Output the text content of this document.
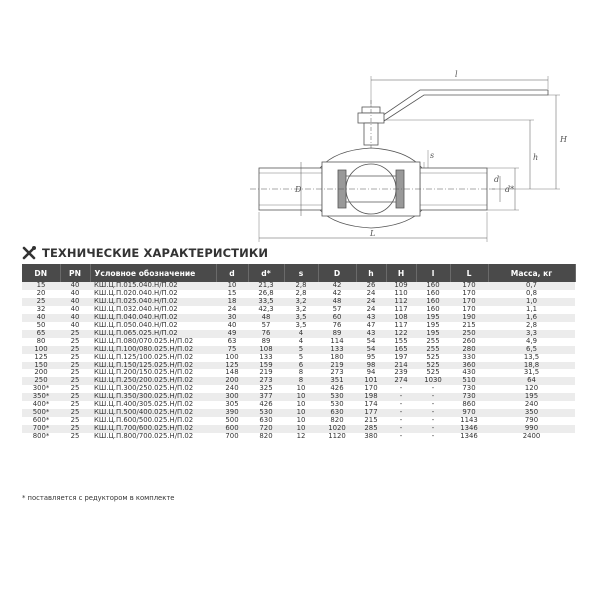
l
H
h
s
D	d*
d
L
ТЕХНИЧЕСКИЕ ХАРАКТЕРИСТИКИ
DN	PN	Условное обозначение	d	d*	s	D	h	H	l	L	Масса, кг
15	40	КШ.Ц.П.015.040.Н/П.02	10	21,3	2,8	42	26	109	160	170	0,7
20	40	КШ.Ц.П.020.040.Н/П.02	15	26,8	2,8	42	24	110	160	170	0,8
25	40	КШ.Ц.П.025.040.Н/П.02	18	33,5	3,2	48	24	112	160	170	1,0
32	40	КШ.Ц.П.032.040.Н/П.02	24	42,3	3,2	57	24	117	160	170	1,1
40	40	КШ.Ц.П.040.040.Н/П.02	30	48	3,5	60	43	108	195	190	1,6
50	40	КШ.Ц.П.050.040.Н/П.02	40	57	3,5	76	47	117	195	215	2,8
65	25	КШ.Ц.П.065.025.Н/П.02	49	76	4	89	43	122	195	250	3,3
80	25	КШ.Ц.П.080/070.025.Н/П.02	63	89	4	114	54	155	255	260	4,9
100	25	КШ.Ц.П.100/080.025.Н/П.02	75	108	5	133	54	165	255	280	6,5
125	25	КШ.Ц.П.125/100.025.Н/П.02	100	133	5	180	95	197	525	330	13,5
150	25	КШ.Ц.П.150/125.025.Н/П.02	125	159	6	219	98	214	525	360	18,8
200	25	КШ.Ц.П.200/150.025.Н/П.02	148	219	8	273	94	239	525	430	31,5
250	25	КШ.Ц.П.250/200.025.Н/П.02	200	273	8	351	101	274	1030	510	64
300*	25	КШ.Ц.П.300/250.025.Н/П.02	240	325	10	426	170	-	-	730	120
350*	25	КШ.Ц.П.350/300.025.Н/П.02	300	377	10	530	198	-	-	730	195
400*	25	КШ.Ц.П.400/305.025.Н/П.02	305	426	10	530	174	-	-	860	240
500*	25	КШ.Ц.П.500/400.025.Н/П.02	390	530	10	630	177	-	-	970	350
600*	25	КШ.Ц.П.600/500.025.Н/П.02	500	630	10	820	215	-	-	1143	790
700*	25	КШ.Ц.П.700/600.025.Н/П.02	600	720	10	1020	285	-	-	1346	990
800*	25	КШ.Ц.П.800/700.025.Н/П.02	700	820	12	1120	380	-	-	1346	2400
* поставляется с редуктором в комплекте
